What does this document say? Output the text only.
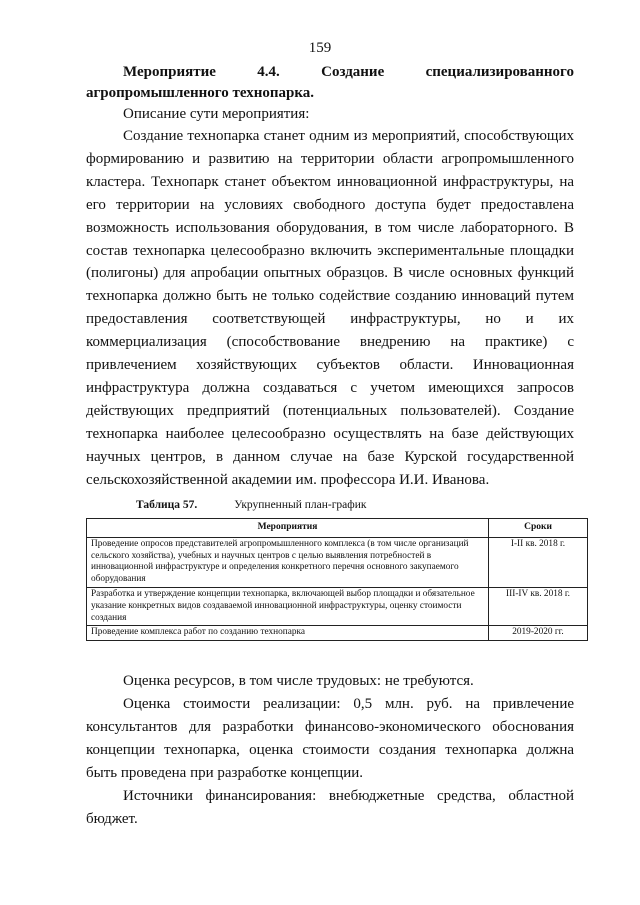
159

Мероприятие 4.4. Создание специализированного агропромышленного технопарка.

Описание сути мероприятия:

Создание технопарка станет одним из мероприятий, способствующих формированию и развитию на территории области агропромышленного кластера. Технопарк станет объектом инновационной инфраструктуры, на его территории на условиях свободного доступа будет предоставлена возможность использования оборудования, в том числе лабораторного. В состав технопарка целесообразно включить экспериментальные площадки (полигоны) для апробации опытных образцов. В числе основных функций технопарка должно быть не только содействие созданию инноваций путем предоставления соответствующей инфраструктуры, но и их коммерциализация (способствование внедрению на практике) с привлечением хозяйствующих субъектов области. Инновационная инфраструктура должна создаваться с учетом имеющихся запросов действующих предприятий (потенциальных пользователей). Создание технопарка наиболее целесообразно осуществлять на базе действующих научных центров, в данном случае на базе Курской государственной сельскохозяйственной академии им. профессора И.И. Иванова.

Таблица 57.	Укрупненный план-график
Мероприятия	Сроки
Проведение опросов представителей агропромышленного комплекса (в том числе организаций сельского хозяйства), учебных и научных центров с целью выявления потребностей в инновационной инфраструктуре и определения конкретного перечня основного закупаемого оборудования	I-II кв. 2018 г.
Разработка и утверждение концепции технопарка, включающей выбор площадки и обязательное указание конкретных видов создаваемой инновационной инфраструктуры, оценку стоимости создания	III-IV кв. 2018 г.
Проведение комплекса работ по созданию технопарка	2019-2020 гг.

Оценка ресурсов, в том числе трудовых: не требуются.

Оценка стоимости реализации: 0,5 млн. руб. на привлечение консультантов для разработки финансово-экономического обоснования концепции технопарка, оценка стоимости создания технопарка должна быть проведена при разработке концепции.

Источники финансирования: внебюджетные средства, областной бюджет.
